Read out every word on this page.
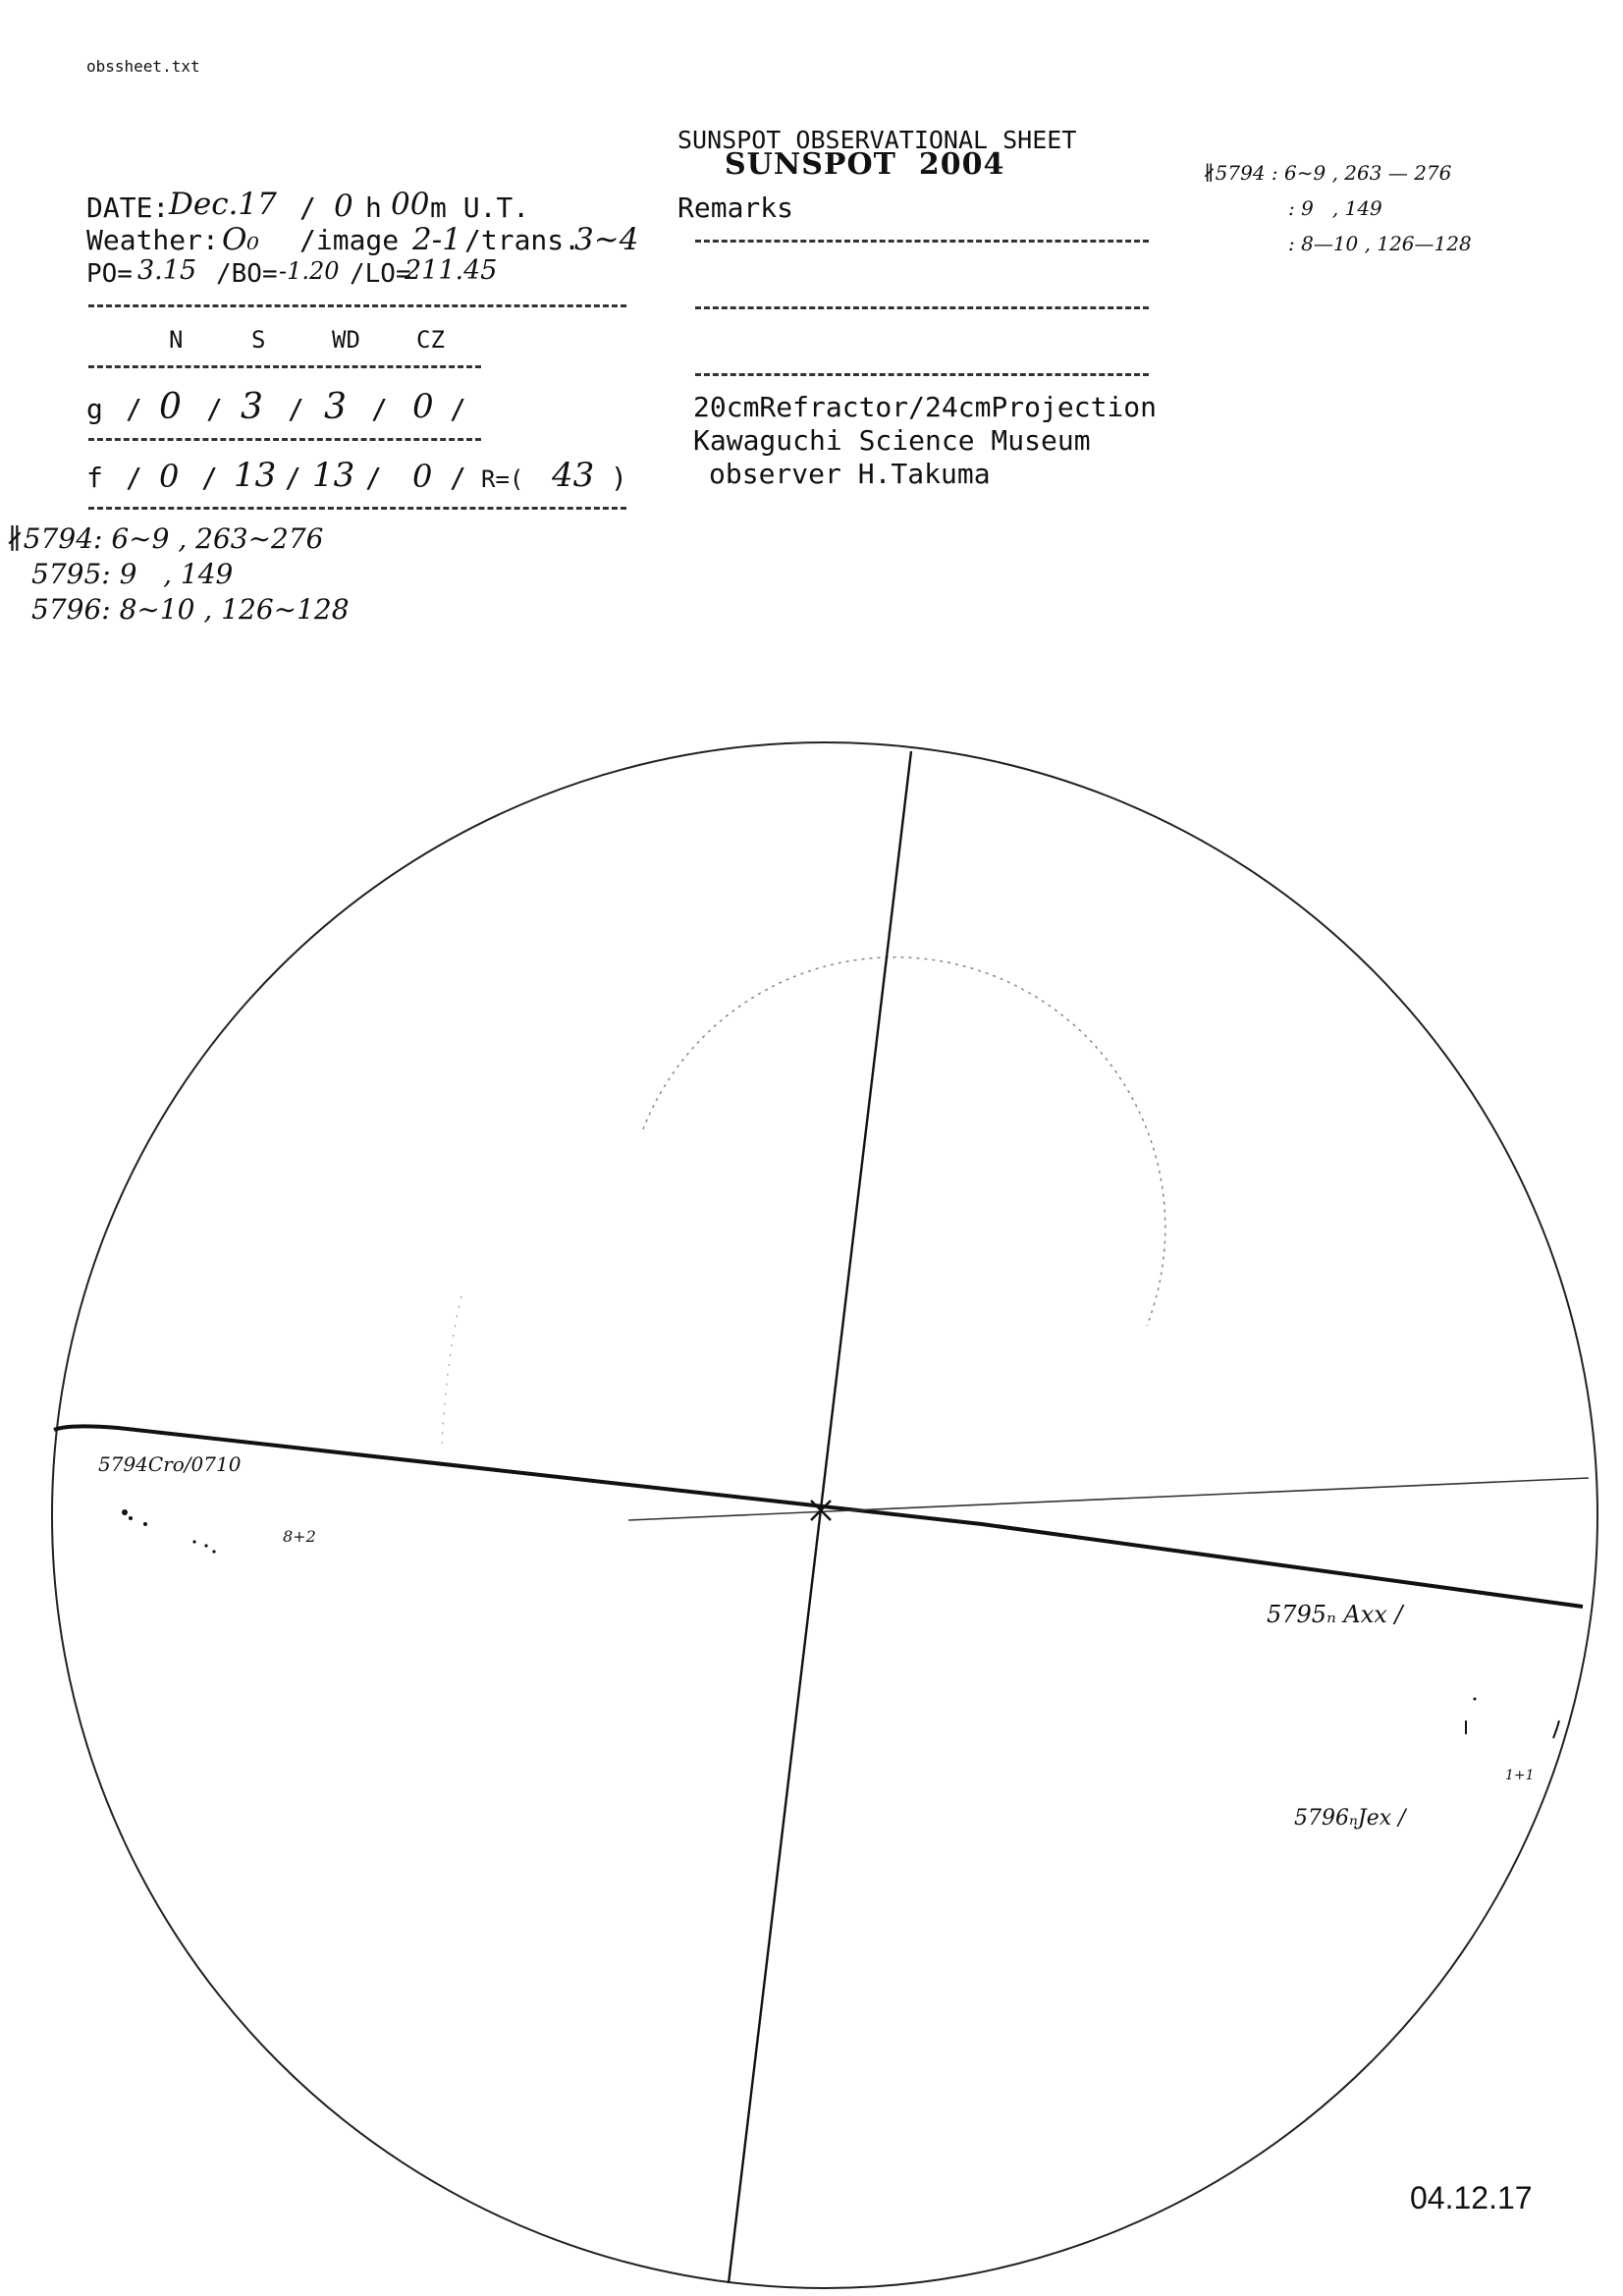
obssheet.txt
SUNSPOT OBSERVATIONAL SHEET
SUNSPOT  2004
DATE: Dec.17 / 0 h 00 m U.T.
Weather: O₀ /image 2-1 /trans.
3~4
PO= 3.15 /BO= -1.20 /LO=
211.45
N	S	WD CZ
g / 0 / 3 / 3 / 0 /
f / 0 / 13 / 13 / 0 / R=( 43 )
Remarks
20cmRefractor/24cmProjection
Kawaguchi Science Museum
observer H.Takuma
∦5794: 6∼9 , 263∼276
5795: 9   , 149
5796: 8∼10 , 126∼128
∦5794 : 6∼9 , 263 — 276
: 9   , 149
: 8—10 , 126—128
5794Cro/0710
8+2
5795ₙ Axx /
1+1
5796ₙJex /
04.12.17
